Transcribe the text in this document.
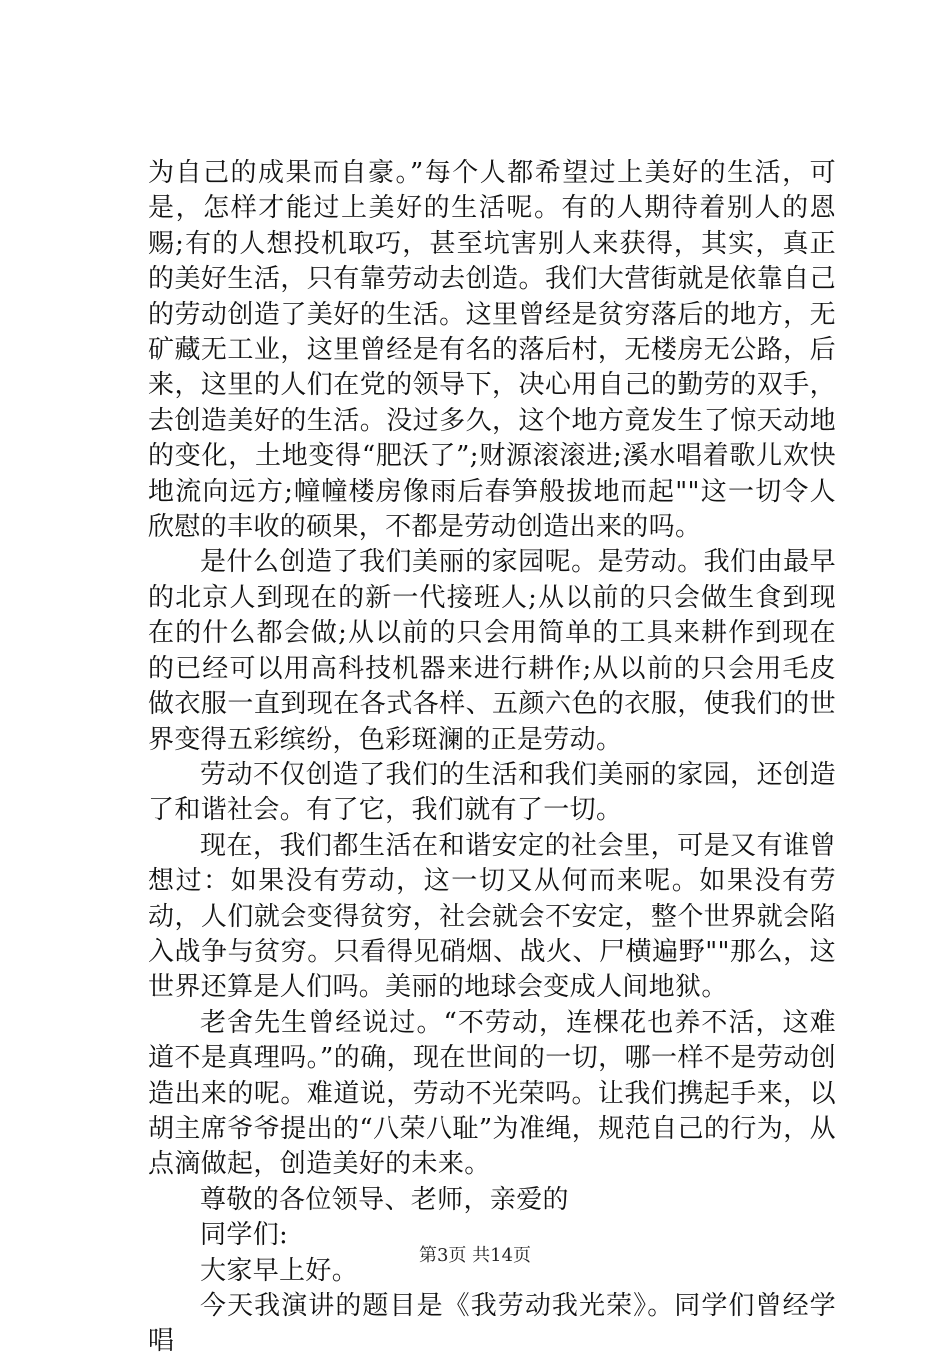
为自己的成果而自豪。”每个人都希望过上美好的生活，可是，怎样才能过上美好的生活呢。有的人期待着别人的恩赐;有的人想投机取巧，甚至坑害别人来获得，其实，真正的美好生活，只有靠劳动去创造。我们大营街就是依靠自己的劳动创造了美好的生活。这里曾经是贫穷落后的地方，无矿藏无工业，这里曾经是有名的落后村，无楼房无公路，后来，这里的人们在党的领导下，决心用自己的勤劳的双手，去创造美好的生活。没过多久，这个地方竟发生了惊天动地的变化，土地变得“肥沃了”;财源滚滚进;溪水唱着歌儿欢快地流向远方;幢幢楼房像雨后春笋般拔地而起""这一切令人欣慰的丰收的硕果，不都是劳动创造出来的吗。

是什么创造了我们美丽的家园呢。是劳动。我们由最早的北京人到现在的新一代接班人;从以前的只会做生食到现在的什么都会做;从以前的只会用简单的工具来耕作到现在的已经可以用高科技机器来进行耕作;从以前的只会用毛皮做衣服一直到现在各式各样、五颜六色的衣服，使我们的世界变得五彩缤纷，色彩斑澜的正是劳动。

劳动不仅创造了我们的生活和我们美丽的家园，还创造了和谐社会。有了它，我们就有了一切。

现在，我们都生活在和谐安定的社会里，可是又有谁曾想过：如果没有劳动，这一切又从何而来呢。如果没有劳动，人们就会变得贫穷，社会就会不安定，整个世界就会陷入战争与贫穷。只看得见硝烟、战火、尸横遍野""那么，这世界还算是人们吗。美丽的地球会变成人间地狱。

老舍先生曾经说过。“不劳动，连棵花也养不活，这难道不是真理吗。”的确，现在世间的一切，哪一样不是劳动创造出来的呢。难道说，劳动不光荣吗。让我们携起手来，以胡主席爷爷提出的“八荣八耻”为准绳，规范自己的行为，从点滴做起，创造美好的未来。

尊敬的各位领导、老师，亲爱的

同学们:

大家早上好。

今天我演讲的题目是《我劳动我光荣》。同学们曾经学唱

第3页 共14页
